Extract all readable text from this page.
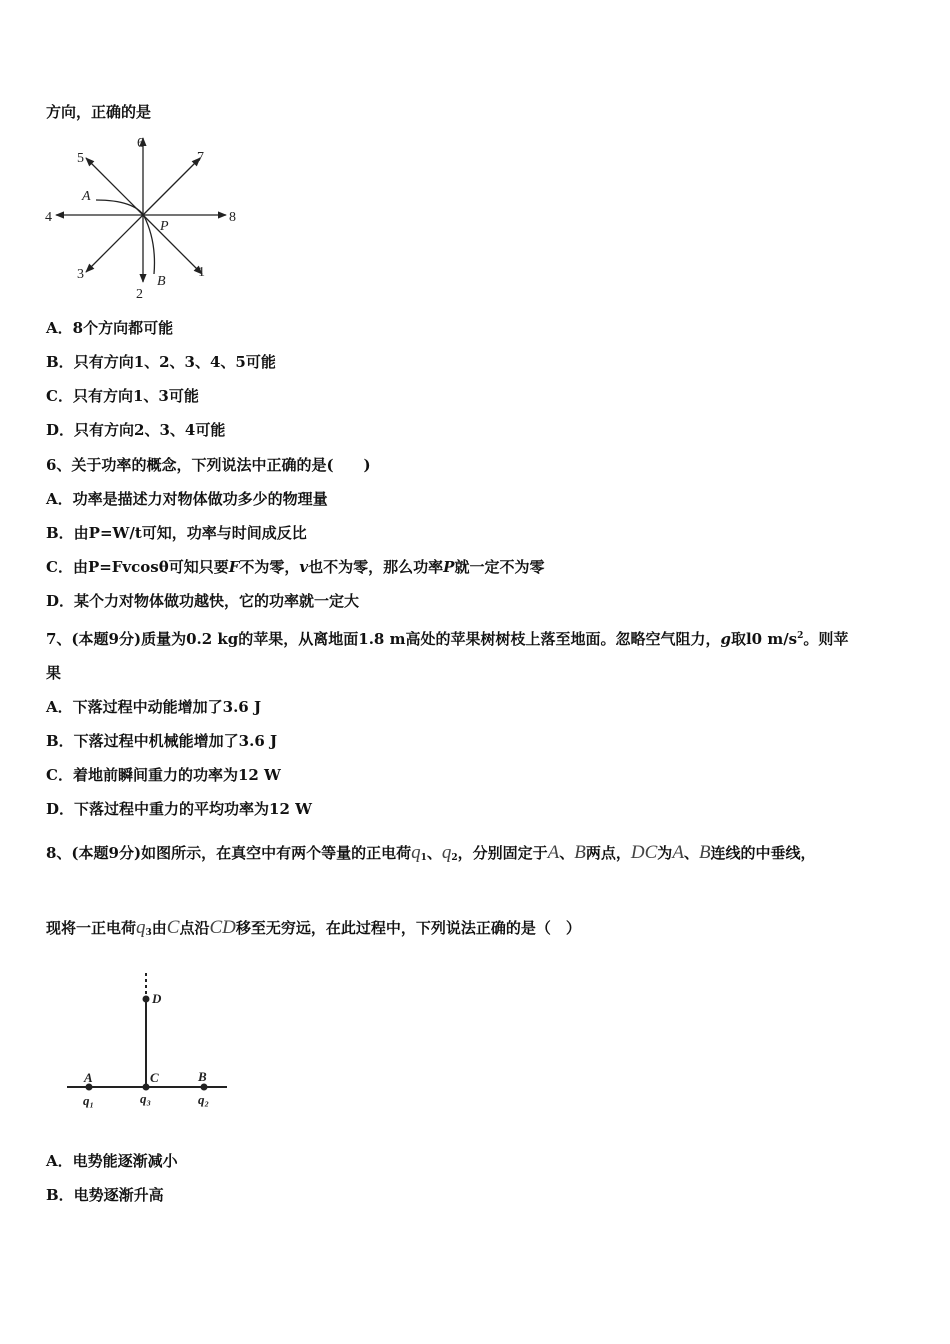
方向，正确的是
1
2
3
4
5
6
7
8
P
A
B
A．8个方向都可能
B．只有方向1、2、3、4、5可能
C．只有方向1、3可能
D．只有方向2、3、4可能
6、关于功率的概念，下列说法中正确的是(　　)
A．功率是描述力对物体做功多少的物理量
B．由P=W/t可知，功率与时间成反比
C．由P=Fvcosθ可知只要F不为零，v也不为零，那么功率P就一定不为零
D．某个力对物体做功越快，它的功率就一定大
7、(本题9分)质量为0.2 kg的苹果，从离地面1.8 m高处的苹果树树枝上落至地面。忽略空气阻力，g取l0 $m/s^2$。则苹
果
A．下落过程中动能增加了3.6 J
B．下落过程中机械能增加了3.6 J
C．着地前瞬间重力的功率为12 W
D．下落过程中重力的平均功率为12 W
8、(本题9分)如图所示，在真空中有两个等量的正电荷$q_1$、$q_2$，分别固定于A、B两点，DC为A、B连线的中垂线，
现将一正电荷$q_3$由C点沿CD移至无穷远，在此过程中，下列说法正确的是（　）
D
A	C	B
q₁	q₃	q₂
A．电势能逐渐减小
B．电势逐渐升高
